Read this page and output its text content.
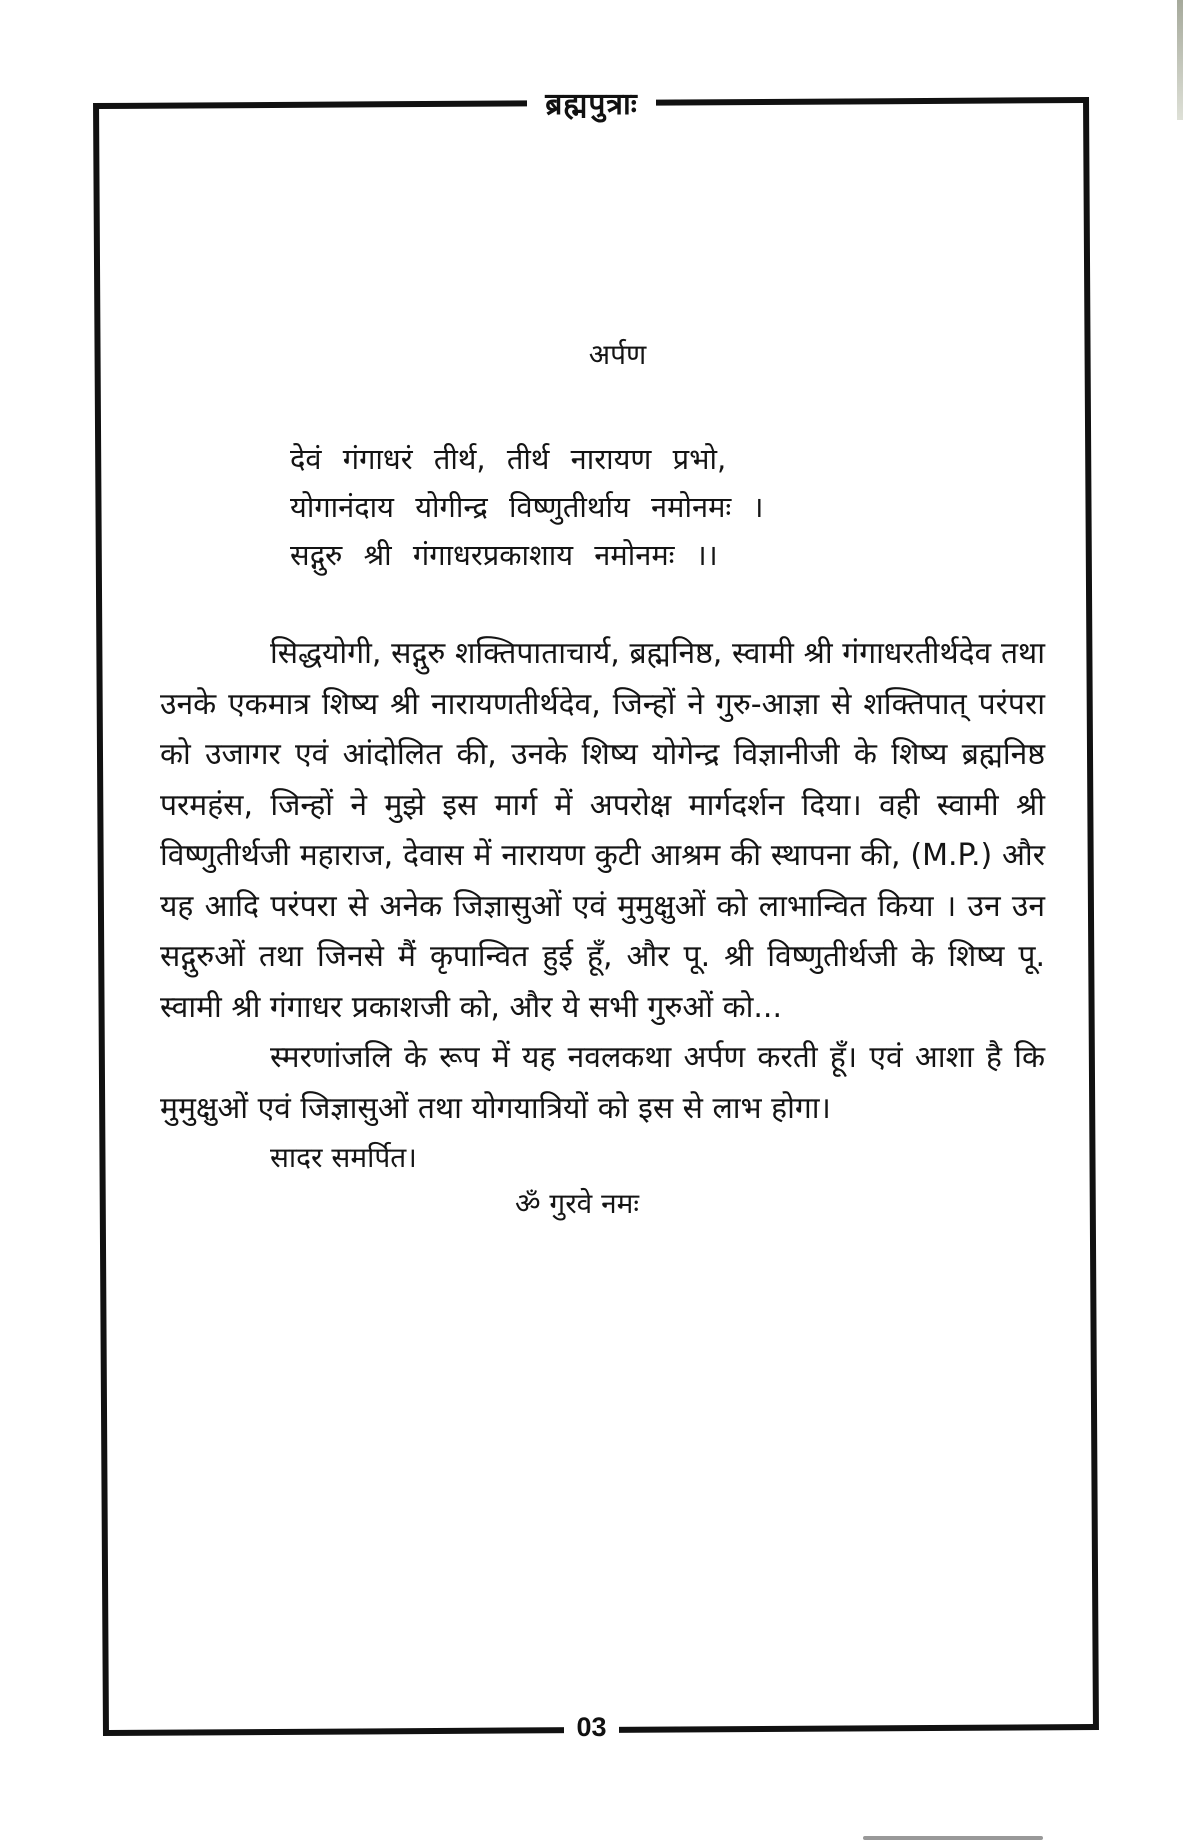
ब्रह्मपुत्राः
अर्पण
देवं गंगाधरं तीर्थ, तीर्थ नारायण प्रभो,
योगानंदाय योगीन्द्र विष्णुतीर्थाय नमोनमः ।
सद्गुरु श्री गंगाधरप्रकाशाय नमोनमः ।।

सिद्धयोगी, सद्गुरु शक्तिपाताचार्य, ब्रह्मनिष्ठ, स्वामी श्री गंगाधरतीर्थदेव तथा उनके एकमात्र शिष्य श्री नारायणतीर्थदेव, जिन्हों ने गुरु-आज्ञा से शक्तिपात् परंपरा को उजागर एवं आंदोलित की, उनके शिष्य योगेन्द्र विज्ञानीजी के शिष्य ब्रह्मनिष्ठ परमहंस, जिन्हों ने मुझे इस मार्ग में अपरोक्ष मार्गदर्शन दिया। वही स्वामी श्री विष्णुतीर्थजी महाराज, देवास में नारायण कुटी आश्रम की स्थापना की, (M.P.) और यह आदि परंपरा से अनेक जिज्ञासुओं एवं मुमुक्षुओं को लाभान्वित किया । उन उन सद्गुरुओं तथा जिनसे मैं कृपान्वित हुई हूँ, और पू. श्री विष्णुतीर्थजी के शिष्य पू. स्वामी श्री गंगाधर प्रकाशजी को, और ये सभी गुरुओं को...

स्मरणांजलि के रूप में यह नवलकथा अर्पण करती हूँ। एवं आशा है कि मुमुक्षुओं एवं जिज्ञासुओं तथा योगयात्रियों को इस से लाभ होगा।

सादर समर्पित।
ॐ गुरवे नमः
03
